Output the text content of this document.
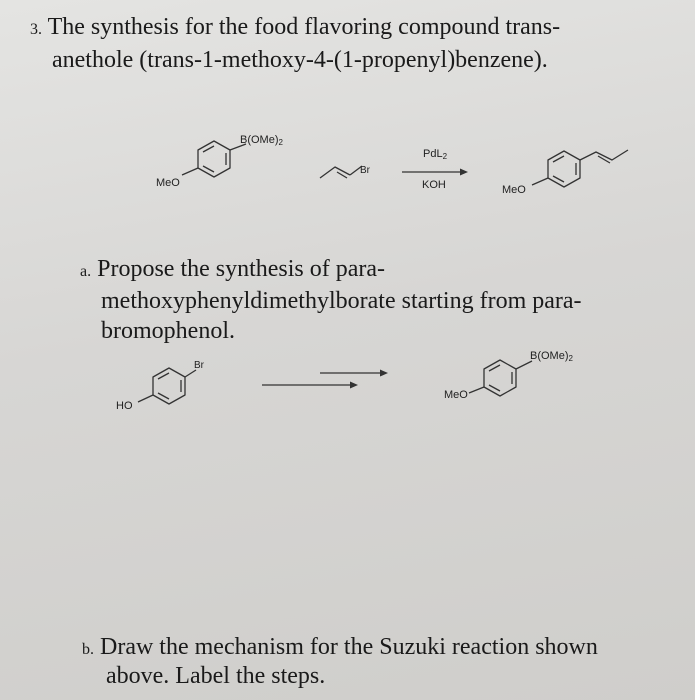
3. The synthesis for the food flavoring compound trans-
anethole (trans-1-methoxy-4-(1-propenyl)benzene).
MeO
$B(OMe)_2$
Br
PdL$_2$
KOH	MeO
a. Propose the synthesis of para-
methoxyphenyldimethylborate starting from para-
bromophenol.
HO
Br
MeO
$B(OMe)_2$
b. Draw the mechanism for the Suzuki reaction shown
above. Label the steps.
